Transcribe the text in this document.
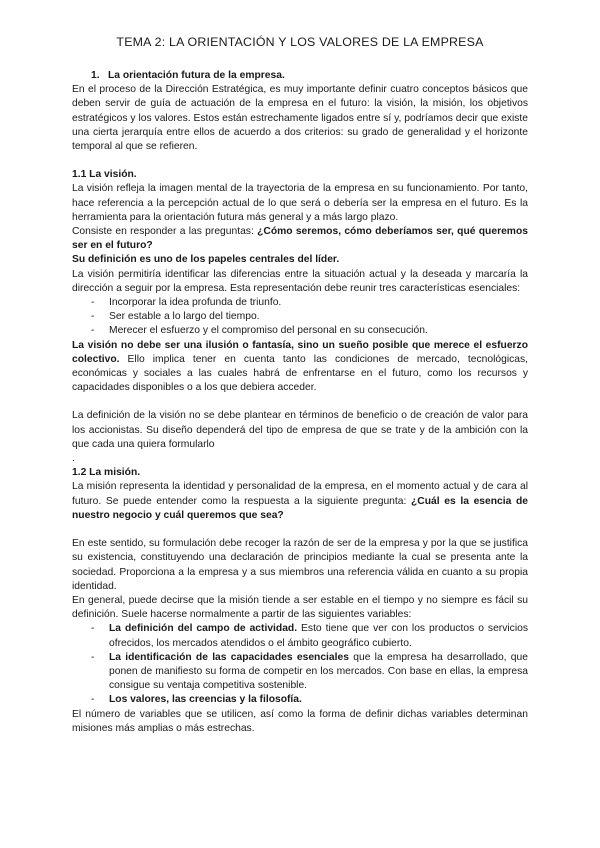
TEMA 2: LA ORIENTACIÓN Y LOS VALORES DE LA EMPRESA

1. La orientación futura de la empresa.

En el proceso de la Dirección Estratégica, es muy importante definir cuatro conceptos básicos que deben servir de guía de actuación de la empresa en el futuro: la visión, la misión, los objetivos estratégicos y los valores. Estos están estrechamente ligados entre sí y, podríamos decir que existe una cierta jerarquía entre ellos de acuerdo a dos criterios: su grado de generalidad y el horizonte temporal al que se refieren.

1.1 La visión.

La visión refleja la imagen mental de la trayectoria de la empresa en su funcionamiento. Por tanto, hace referencia a la percepción actual de lo que será o debería ser la empresa en el futuro. Es la herramienta para la orientación futura más general y a más largo plazo.

Consiste en responder a las preguntas: ¿Cómo seremos, cómo deberíamos ser, qué queremos ser en el futuro?

Su definición es uno de los papeles centrales del líder.

La visión permitiría identificar las diferencias entre la situación actual y la deseada y marcaría la dirección a seguir por la empresa. Esta representación debe reunir tres características esenciales:

- Incorporar la idea profunda de triunfo.
- Ser estable a lo largo del tiempo.
- Merecer el esfuerzo y el compromiso del personal en su consecución.

La visión no debe ser una ilusión o fantasía, sino un sueño posible que merece el esfuerzo colectivo. Ello implica tener en cuenta tanto las condiciones de mercado, tecnológicas, económicas y sociales a las cuales habrá de enfrentarse en el futuro, como los recursos y capacidades disponibles o a los que debiera acceder.

La definición de la visión no se debe plantear en términos de beneficio o de creación de valor para los accionistas. Su diseño dependerá del tipo de empresa de que se trate y de la ambición con la que cada una quiera formularlo

.

1.2 La misión.

La misión representa la identidad y personalidad de la empresa, en el momento actual y de cara al futuro. Se puede entender como la respuesta a la siguiente pregunta: ¿Cuál es la esencia de nuestro negocio y cuál queremos que sea?

En este sentido, su formulación debe recoger la razón de ser de la empresa y por la que se justifica su existencia, constituyendo una declaración de principios mediante la cual se presenta ante la sociedad. Proporciona a la empresa y a sus miembros una referencia válida en cuanto a su propia identidad.

En general, puede decirse que la misión tiende a ser estable en el tiempo y no siempre es fácil su definición. Suele hacerse normalmente a partir de las siguientes variables:

- La definición del campo de actividad. Esto tiene que ver con los productos o servicios ofrecidos, los mercados atendidos o el ámbito geográfico cubierto.
- La identificación de las capacidades esenciales que la empresa ha desarrollado, que ponen de manifiesto su forma de competir en los mercados. Con base en ellas, la empresa consigue su ventaja competitiva sostenible.
- Los valores, las creencias y la filosofía.

El número de variables que se utilicen, así como la forma de definir dichas variables determinan misiones más amplias o más estrechas.
